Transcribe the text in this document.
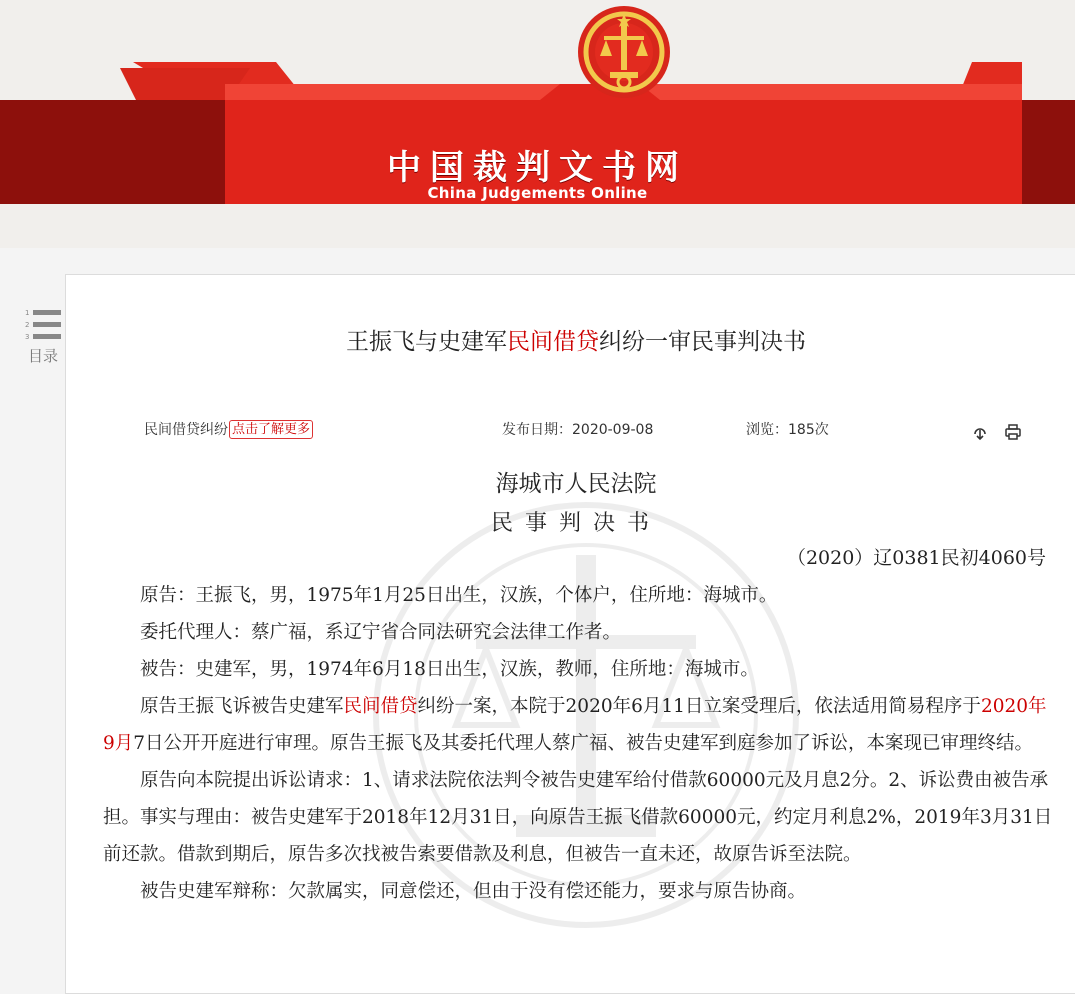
中国裁判文书网
China Judgements Online
1
2
3
目录
王振飞与史建军民间借贷纠纷一审民事判决书
民间借贷纠纷 点击了解更多	发布日期：2020-09-08	浏览：185次

海城市人民法院
民事判决书
（2020）辽0381民初4060号

原告：王振飞，男，1975年1月25日出生，汉族，个体户，住所地：海城市。

委托代理人：蔡广福，系辽宁省合同法研究会法律工作者。

被告：史建军，男，1974年6月18日出生，汉族，教师，住所地：海城市。

原告王振飞诉被告史建军民间借贷纠纷一案，本院于2020年6月11日立案受理后，依法适用简易程序于2020年9月7日公开开庭进行审理。原告王振飞及其委托代理人蔡广福、被告史建军到庭参加了诉讼，本案现已审理终结。

原告向本院提出诉讼请求：1、请求法院依法判令被告史建军给付借款60000元及月息2分。2、诉讼费由被告承担。事实与理由：被告史建军于2018年12月31日，向原告王振飞借款60000元，约定月利息2%，2019年3月31日前还款。借款到期后，原告多次找被告索要借款及利息，但被告一直未还，故原告诉至法院。

被告史建军辩称：欠款属实，同意偿还，但由于没有偿还能力，要求与原告协商。
